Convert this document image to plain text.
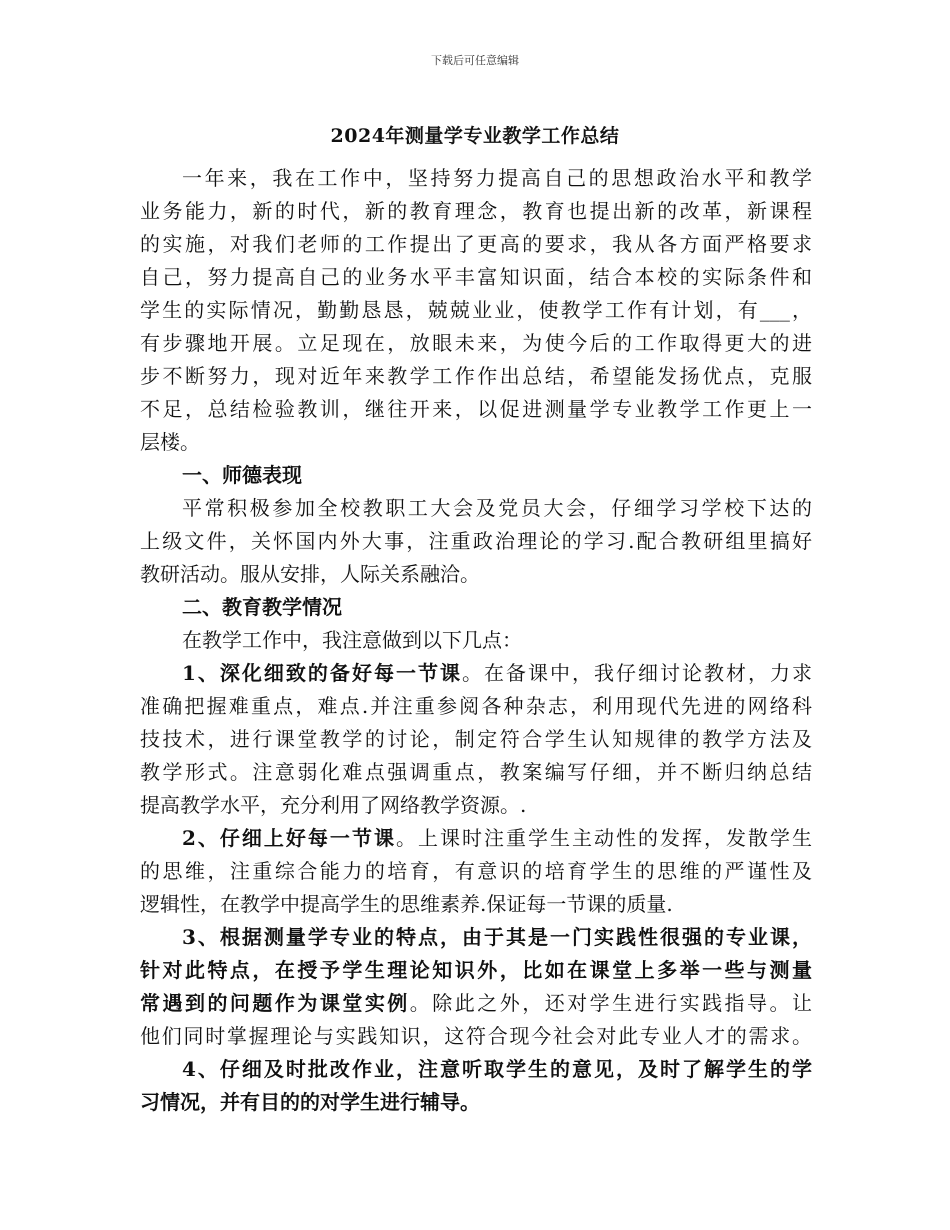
下载后可任意编辑
2024年测量学专业教学工作总结
一年来，我在工作中，坚持努力提高自己的思想政治水平和教学
业务能力，新的时代，新的教育理念，教育也提出新的改革，新课程
的实施，对我们老师的工作提出了更高的要求，我从各方面严格要求
自己，努力提高自己的业务水平丰富知识面，结合本校的实际条件和
学生的实际情况，勤勤恳恳，兢兢业业，使教学工作有计划，有___，
有步骤地开展。立足现在，放眼未来，为使今后的工作取得更大的进
步不断努力，现对近年来教学工作作出总结，希望能发扬优点，克服
不足，总结检验教训，继往开来，以促进测量学专业教学工作更上一
层楼。
一、师德表现
平常积极参加全校教职工大会及党员大会，仔细学习学校下达的
上级文件，关怀国内外大事，注重政治理论的学习.配合教研组里搞好
教研活动。服从安排，人际关系融洽。
二、教育教学情况
在教学工作中，我注意做到以下几点：
1、深化细致的备好每一节课。在备课中，我仔细讨论教材，力求
准确把握难重点，难点.并注重参阅各种杂志，利用现代先进的网络科
技技术，进行课堂教学的讨论，制定符合学生认知规律的教学方法及
教学形式。注意弱化难点强调重点，教案编写仔细，并不断归纳总结
提高教学水平，充分利用了网络教学资源。.
2、仔细上好每一节课。上课时注重学生主动性的发挥，发散学生
的思维，注重综合能力的培育，有意识的培育学生的思维的严谨性及
逻辑性，在教学中提高学生的思维素养.保证每一节课的质量.
3、根据测量学专业的特点，由于其是一门实践性很强的专业课，
针对此特点，在授予学生理论知识外，比如在课堂上多举一些与测量
常遇到的问题作为课堂实例。除此之外，还对学生进行实践指导。让
他们同时掌握理论与实践知识，这符合现今社会对此专业人才的需求。
4、仔细及时批改作业，注意听取学生的意见，及时了解学生的学
习情况，并有目的的对学生进行辅导。
